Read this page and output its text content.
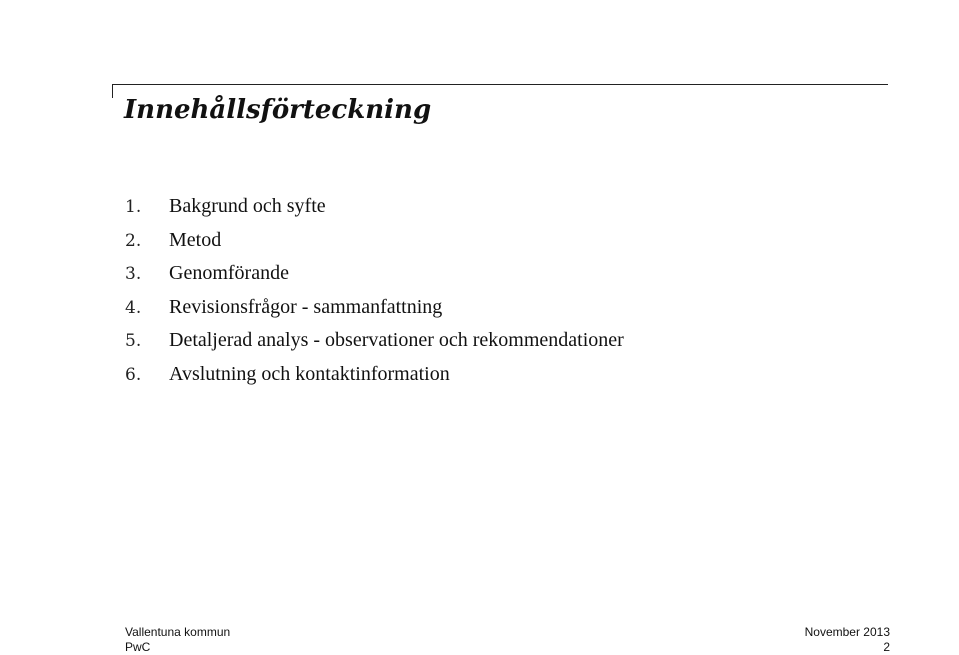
Innehållsförteckning
1.	Bakgrund och syfte
2.	Metod
3.	Genomförande
4.	Revisionsfrågor - sammanfattning
5.	Detaljerad analys - observationer och rekommendationer
6.	Avslutning och kontaktinformation
Vallentuna kommun
PwC
November 2013
2
